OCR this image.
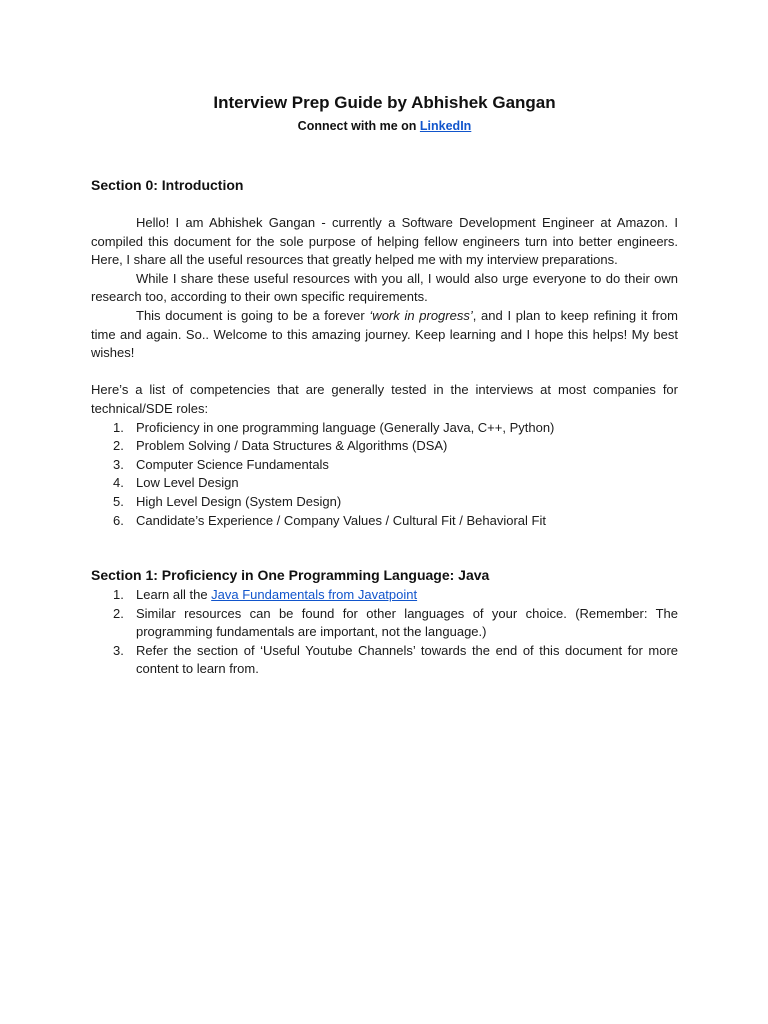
Interview Prep Guide by Abhishek Gangan

Connect with me on LinkedIn

Section 0: Introduction

Hello! I am Abhishek Gangan - currently a Software Development Engineer at Amazon. I compiled this document for the sole purpose of helping fellow engineers turn into better engineers. Here, I share all the useful resources that greatly helped me with my interview preparations.

While I share these useful resources with you all, I would also urge everyone to do their own research too, according to their own specific requirements.

This document is going to be a forever ‘work in progress’, and I plan to keep refining it from time and again. So.. Welcome to this amazing journey. Keep learning and I hope this helps! My best wishes!

Here’s a list of competencies that are generally tested in the interviews at most companies for technical/SDE roles:

1. Proficiency in one programming language (Generally Java, C++, Python)
2. Problem Solving / Data Structures & Algorithms (DSA)
3. Computer Science Fundamentals
4. Low Level Design
5. High Level Design (System Design)
6. Candidate’s Experience / Company Values / Cultural Fit / Behavioral Fit
Section 1: Proficiency in One Programming Language: Java
1. Learn all the Java Fundamentals from Javatpoint
2. Similar resources can be found for other languages of your choice. (Remember: The programming fundamentals are important, not the language.)
3. Refer the section of ‘Useful Youtube Channels’ towards the end of this document for more content to learn from.
